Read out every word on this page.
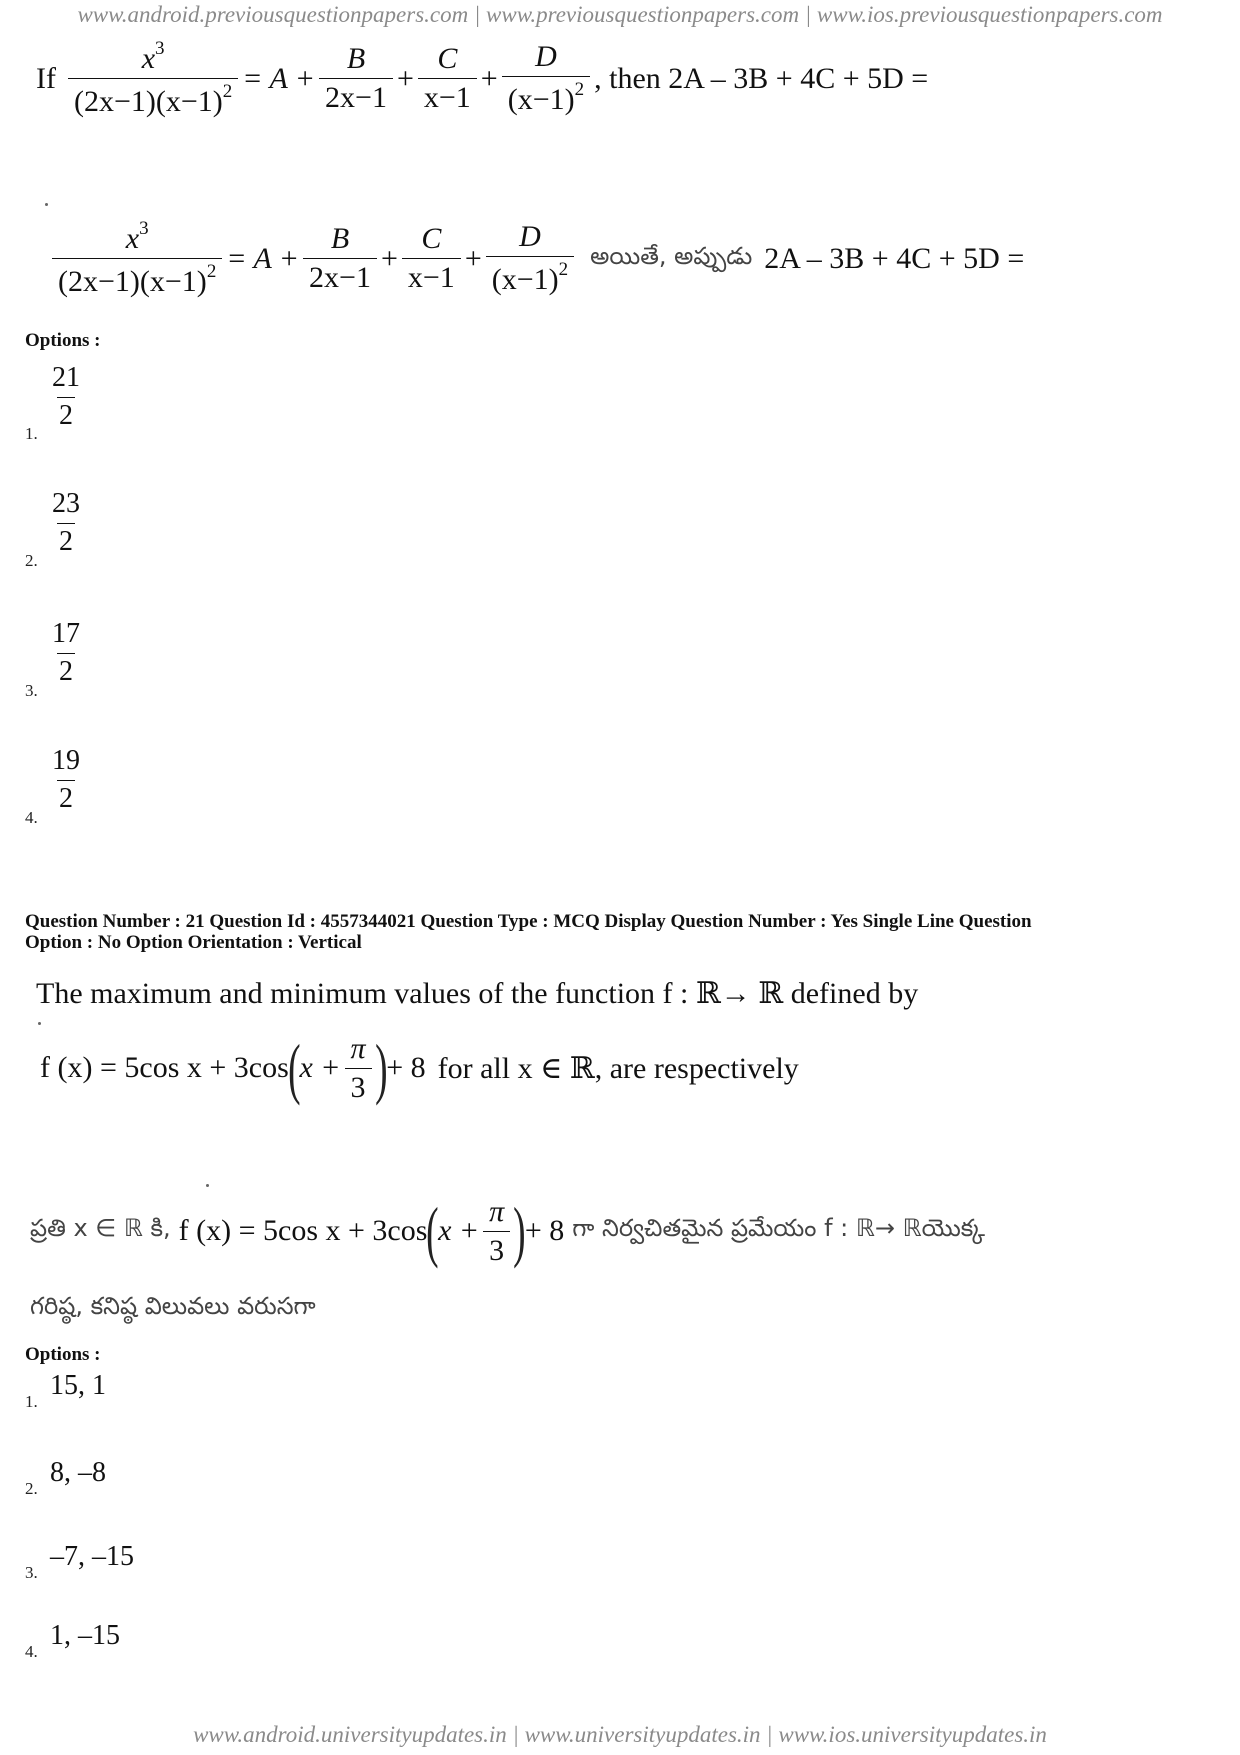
www.android.previousquestionpapers.com | www.previousquestionpapers.com | www.ios.previousquestionpapers.com
If $\frac{x^3}{(2x-1)(x-1)^2} = A + \frac{B}{2x-1} + \frac{C}{x-1} + \frac{D}{(x-1)^2}$ , then 2A – 3B + 4C + 5D =
$\frac{x^3}{(2x-1)(x-1)^2} = A + \frac{B}{2x-1} + \frac{C}{x-1} + \frac{D}{(x-1)^2}$ అయితే, అప్పుడు 2A – 3B + 4C + 5D =
Options :
1.
$\frac{21}{2}$
2.
$\frac{23}{2}$
3.
$\frac{17}{2}$
4.
$\frac{19}{2}$
Question Number : 21 Question Id : 4557344021 Question Type : MCQ Display Question Number : Yes Single Line Question
Option : No Option Orientation : Vertical
The maximum and minimum values of the function f : ℝ→ ℝ defined by
f (x) = 5cos x + 3cos ( $x + \frac{\pi}{3}$ ) + 8 for all x ∈ ℝ, are respectively
ప్రతి x ∈ ℝ కి, f (x) = 5cos x + 3cos ( $x + \frac{\pi}{3}$ ) + 8 గా నిర్వచితమైన ప్రమేయం f : ℝ→ ℝయొక్క
గరిష్ఠ, కనిష్ఠ విలువలు వరుసగా
Options :
1.
15, 1
2.
8, –8
3.
–7, –15
4.
1, –15
www.android.universityupdates.in | www.universityupdates.in | www.ios.universityupdates.in
